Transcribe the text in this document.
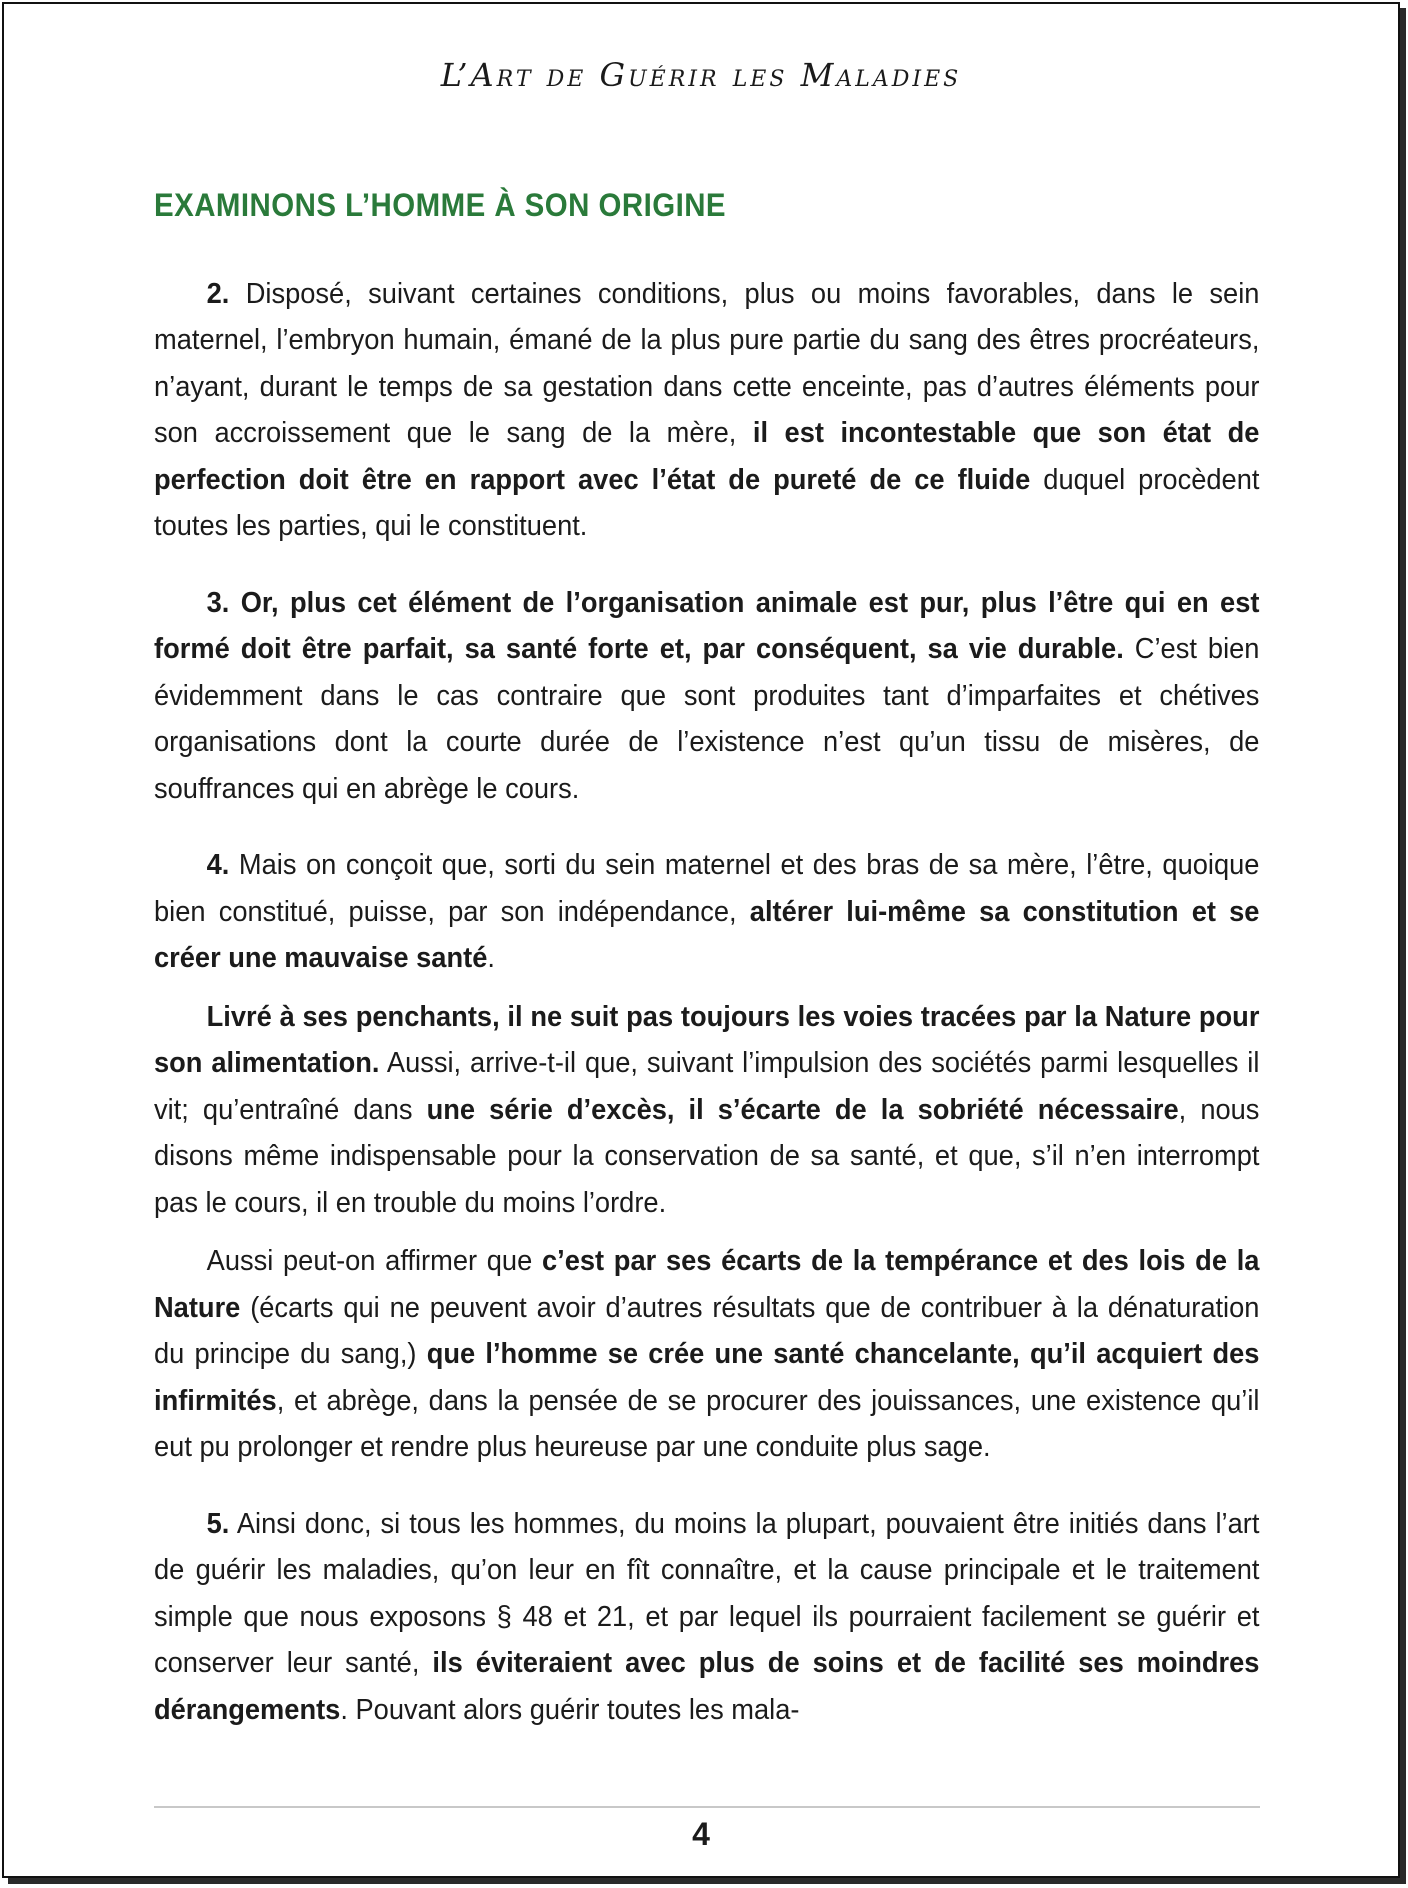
L’Art de Guérir les Maladies
EXAMINONS L’HOMME À SON ORIGINE

2. Disposé, suivant certaines conditions, plus ou moins favorables, dans le sein maternel, l’embryon humain, émané de la plus pure partie du sang des êtres procréateurs, n’ayant, durant le temps de sa gestation dans cette enceinte, pas d’autres éléments pour son accroissement que le sang de la mère, il est incontestable que son état de perfection doit être en rapport avec l’état de pureté de ce fluide duquel procèdent toutes les parties, qui le constituent.

3. Or, plus cet élément de l’organisation animale est pur, plus l’être qui en est formé doit être parfait, sa santé forte et, par conséquent, sa vie durable. C’est bien évidemment dans le cas contraire que sont produites tant d’imparfaites et chétives organisations dont la courte durée de l’existence n’est qu’un tissu de misères, de souffrances qui en abrège le cours.

4. Mais on conçoit que, sorti du sein maternel et des bras de sa mère, l’être, quoique bien constitué, puisse, par son indépendance, altérer lui-même sa constitution et se créer une mauvaise santé.

Livré à ses penchants, il ne suit pas toujours les voies tracées par la Nature pour son alimentation. Aussi, arrive-t-il que, suivant l’impulsion des sociétés parmi lesquelles il vit; qu’entraîné dans une série d’excès, il s’écarte de la sobriété nécessaire, nous disons même indispensable pour la conservation de sa santé, et que, s’il n’en interrompt pas le cours, il en trouble du moins l’ordre.

Aussi peut-on affirmer que c’est par ses écarts de la tempérance et des lois de la Nature (écarts qui ne peuvent avoir d’autres résultats que de contribuer à la dénaturation du principe du sang,) que l’homme se crée une santé chancelante, qu’il acquiert des infirmités, et abrège, dans la pensée de se procurer des jouissances, une existence qu’il eut pu prolonger et rendre plus heureuse par une conduite plus sage.

5. Ainsi donc, si tous les hommes, du moins la plupart, pouvaient être initiés dans l’art de guérir les maladies, qu’on leur en fît connaître, et la cause principale et le traitement simple que nous exposons § 48 et 21, et par lequel ils pourraient facilement se guérir et conserver leur santé, ils éviteraient avec plus de soins et de facilité ses moindres dérangements. Pouvant alors guérir toutes les mala-

4
